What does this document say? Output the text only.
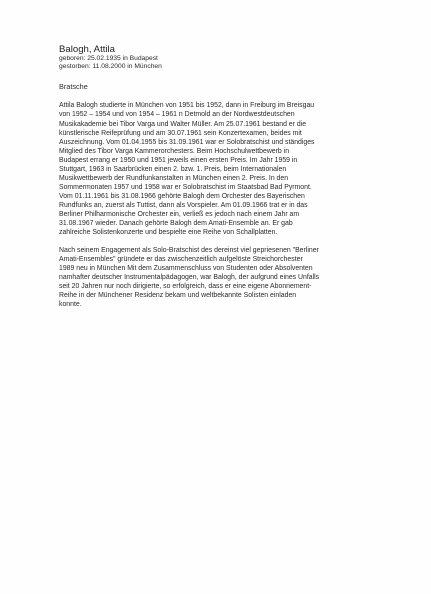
Balogh, Attila

geboren: 25.02.1935 in Budapest

gestorben: 11.08.2000 in München

Bratsche

Attila Balogh studierte in München von 1951 bis 1952, dann in Freiburg im Breisgau
von 1952 – 1954 und von 1954 – 1961 n Detmold an der Nordwestdeutschen
Musikakademie bei Tibor Varga und Walter Müller. Am 25.07.1961 bestand er die
künstlerische Reifeprüfung und am 30.07.1961 sein Konzertexamen, beides mit
Auszeichnung. Vom 01.04.1955 bis 31.09.1961 war er Solobratschist und ständiges
Mitglied des Tibor Varga Kammerorchesters. Beim Hochschulwettbewerb in
Budapest errang er 1950 und 1951 jeweils einen ersten Preis. Im Jahr 1959 in
Stuttgart, 1963 in Saarbrücken einen 2. bzw. 1. Preis, beim Internationalen
Musikwettbewerb der Rundfunkanstalten in München einen 2. Preis. In den
Sommermonaten 1957 und 1958 war er Solobratschist im Staatsbad Bad Pyrmont.
Vom 01.11.1961 bis 31.08.1966 gehörte Balogh dem Orchester des Bayerischen
Rundfunks an, zuerst als Tuttist, dann als Vorspieler. Am 01.09.1966 trat er in das
Berliner Philharmonische Orchester ein, verließ es jedoch nach einem Jahr am
31.08.1967 wieder. Danach gehörte Balogh dem Amati-Ensemble an. Er gab
zahlreiche Solistenkonzerte und bespielte eine Reihe von Schallplatten.
Nach seinem Engagement als Solo-Bratschist des dereinst viel gepriesenen "Berliner
Amati-Ensembles" gründete er das zwischenzeitlich aufgelöste Streichorchester
1989 neu in München Mit dem Zusammenschluss von Studenten oder Absolventen
namhafter deutscher Instrumentalpädagogen, war Balogh, der aufgrund eines Unfalls
seit 20 Jahren nur noch dirigierte, so erfolgreich, dass er eine eigene Abonnement-
Reihe in der Münchener Residenz bekam und weltbekannte Solisten einladen
konnte.
